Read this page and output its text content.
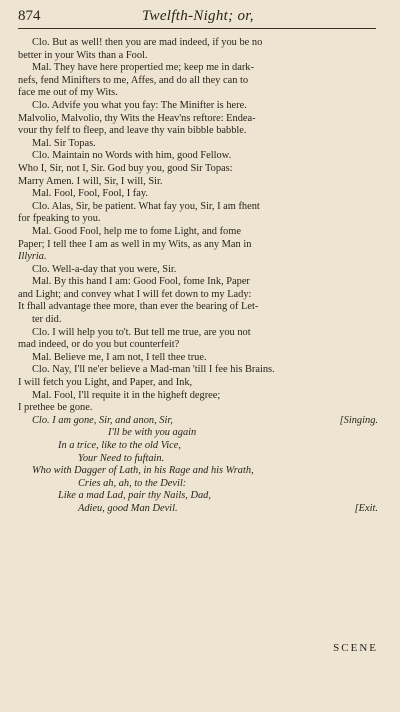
874	Twelfth-Night; or,
Clo. But as well! then you are mad indeed, if you be no
better in your Wits than a Fool.
Mal. They have here propertied me; keep me in dark-
nefs, fend Minifters to me, Affes, and do all they can to
face me out of my Wits.
Clo. Advife you what you fay: The Minifter is here.
Malvolio, Malvolio, thy Wits the Heav'ns reftore: Endea-
vour thy felf to fleep, and leave thy vain bibble babble.
Mal. Sir Topas.
Clo. Maintain no Words with him, good Fellow.
Who I, Sir, not I, Sir. God buy you, good Sir Topas:
Marry Amen. I will, Sir, I will, Sir.
Mal. Fool, Fool, Fool, I fay.
Clo. Alas, Sir, be patient. What fay you, Sir, I am fhent
for fpeaking to you.
Mal. Good Fool, help me to fome Light, and fome
Paper; I tell thee I am as well in my Wits, as any Man in
Illyria.
Clo. Well-a-day that you were, Sir.
Mal. By this hand I am: Good Fool, fome Ink, Paper
and Light; and convey what I will fet down to my Lady:
It fhall advantage thee more, than ever the bearing of Let-
ter did.
Clo. I will help you to't. But tell me true, are you not
mad indeed, or do you but counterfeit?
Mal. Believe me, I am not, I tell thee true.
Clo. Nay, I'll ne'er believe a Mad-man 'till I fee his Brains.
I will fetch you Light, and Paper, and Ink,
Mal. Fool, I'll requite it in the higheft degree;
I prethee be gone.
Clo. I am gone, Sir, and anon, Sir,	[Singing.
I'll be with you again
In a trice, like to the old Vice,
Your Need to fuftain.
Who with Dagger of Lath, in his Rage and his Wrath,
Cries ah, ah, to the Devil:
Like a mad Lad, pair thy Nails, Dad,
Adieu, good Man Devil.	[Exit.
SCENE
